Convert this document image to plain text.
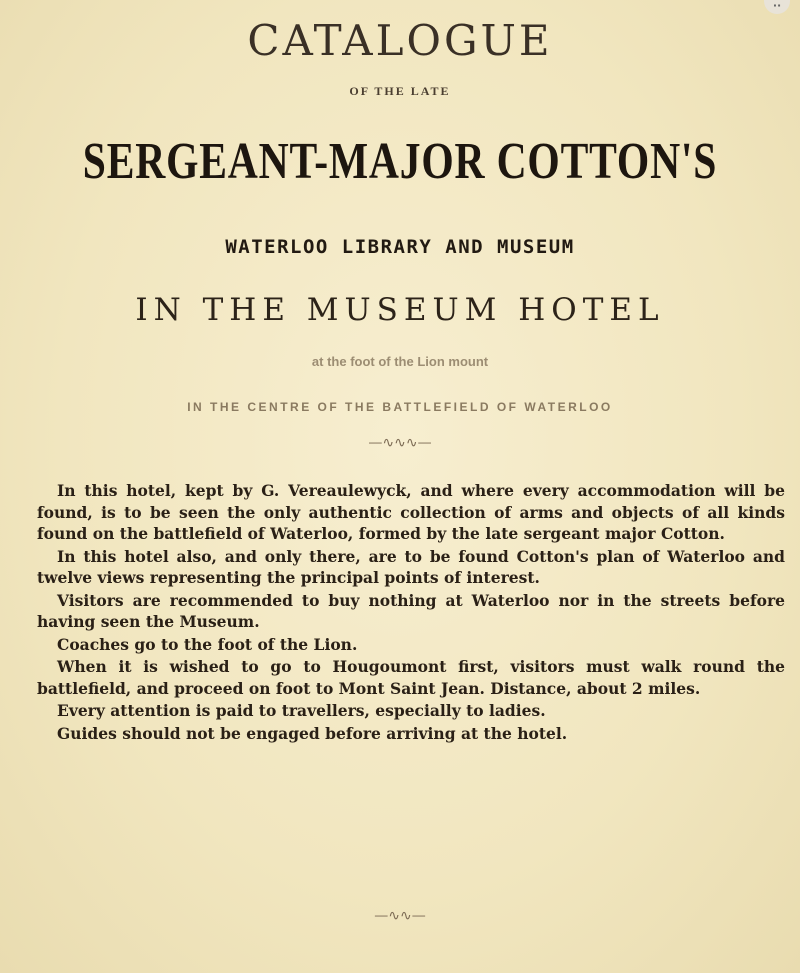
··
CATALOGUE
OF THE LATE
SERGEANT-MAJOR COTTON'S
WATERLOO LIBRARY AND MUSEUM
IN THE MUSEUM HOTEL
at the foot of the Lion mount
IN THE CENTRE OF THE BATTLEFIELD OF WATERLOO
—∿∿∿—

In this hotel, kept by G. Vereaulewyck, and where every accommodation will be found, is to be seen the only authentic collection of arms and objects of all kinds found on the battlefield of Waterloo, formed by the late sergeant major Cotton.

In this hotel also, and only there, are to be found Cotton's plan of Waterloo and twelve views representing the principal points of interest.

Visitors are recommended to buy nothing at Waterloo nor in the streets before having seen the Museum.

Coaches go to the foot of the Lion.

When it is wished to go to Hougoumont first, visitors must walk round the battlefield, and proceed on foot to Mont Saint Jean. Distance, about 2 miles.

Every attention is paid to travellers, especially to ladies.

Guides should not be engaged before arriving at the hotel.

—∿∿—
